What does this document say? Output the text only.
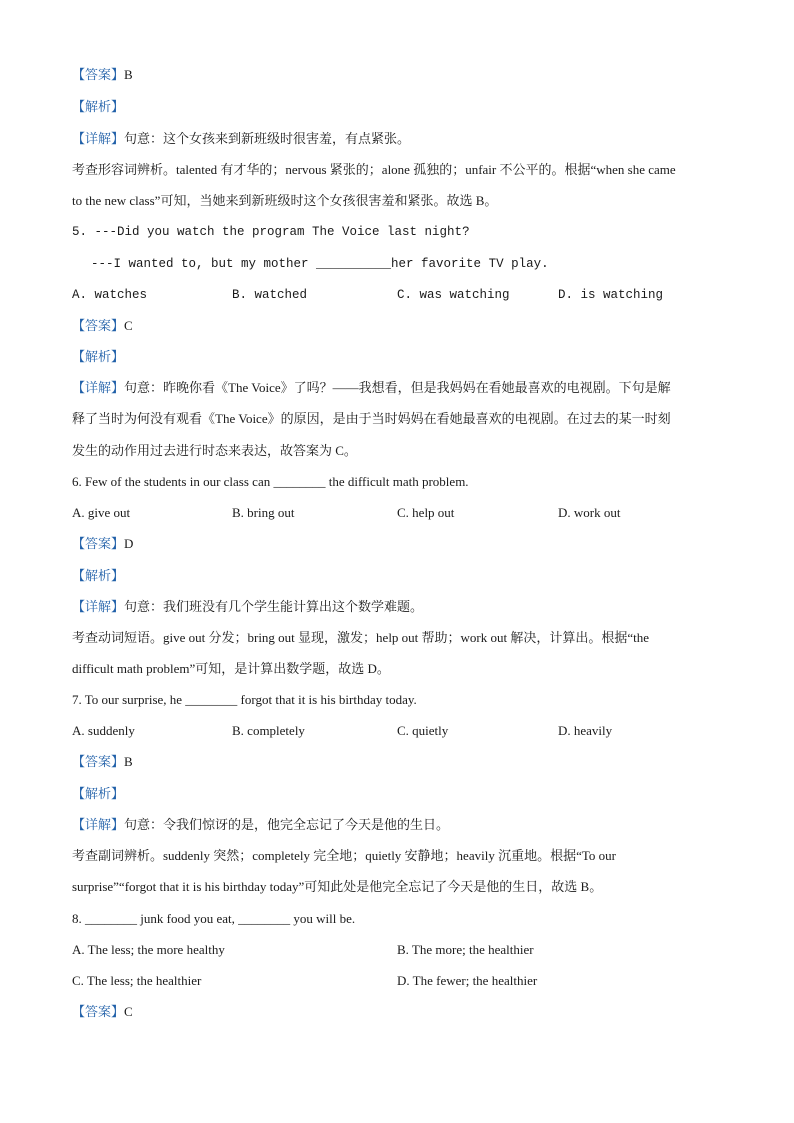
【答案】B
【解析】
【详解】句意：这个女孩来到新班级时很害羞，有点紧张。
考查形容词辨析。talented 有才华的；nervous 紧张的；alone 孤独的；unfair 不公平的。根据“when she came
to the new class”可知，当她来到新班级时这个女孩很害羞和紧张。故选 B。
5. ---Did you watch the program The Voice last night?
---I wanted to, but my mother __________her favorite TV play.
A. watches	B. watched	C. was watching	D. is watching
【答案】C
【解析】
【详解】句意：昨晚你看《The Voice》了吗？——我想看，但是我妈妈在看她最喜欢的电视剧。下句是解
释了当时为何没有观看《The Voice》的原因，是由于当时妈妈在看她最喜欢的电视剧。在过去的某一时刻
发生的动作用过去进行时态来表达，故答案为 C。
6. Few of the students in our class can ________ the difficult math problem.
A. give out	B. bring out	C. help out	D. work out
【答案】D
【解析】
【详解】句意：我们班没有几个学生能计算出这个数学难题。
考查动词短语。give out 分发；bring out 显现，激发；help out 帮助；work out 解决，计算出。根据“the
difficult math problem”可知，是计算出数学题，故选 D。
7. To our surprise, he ________ forgot that it is his birthday today.
A. suddenly	B. completely	C. quietly	D. heavily
【答案】B
【解析】
【详解】句意：令我们惊讶的是，他完全忘记了今天是他的生日。
考查副词辨析。suddenly 突然；completely 完全地；quietly 安静地；heavily 沉重地。根据“To our
surprise”“forgot that it is his birthday today”可知此处是他完全忘记了今天是他的生日，故选 B。
8. ________ junk food you eat, ________ you will be.
A. The less; the more healthy	B. The more; the healthier
C. The less; the healthier	D. The fewer; the healthier
【答案】C
